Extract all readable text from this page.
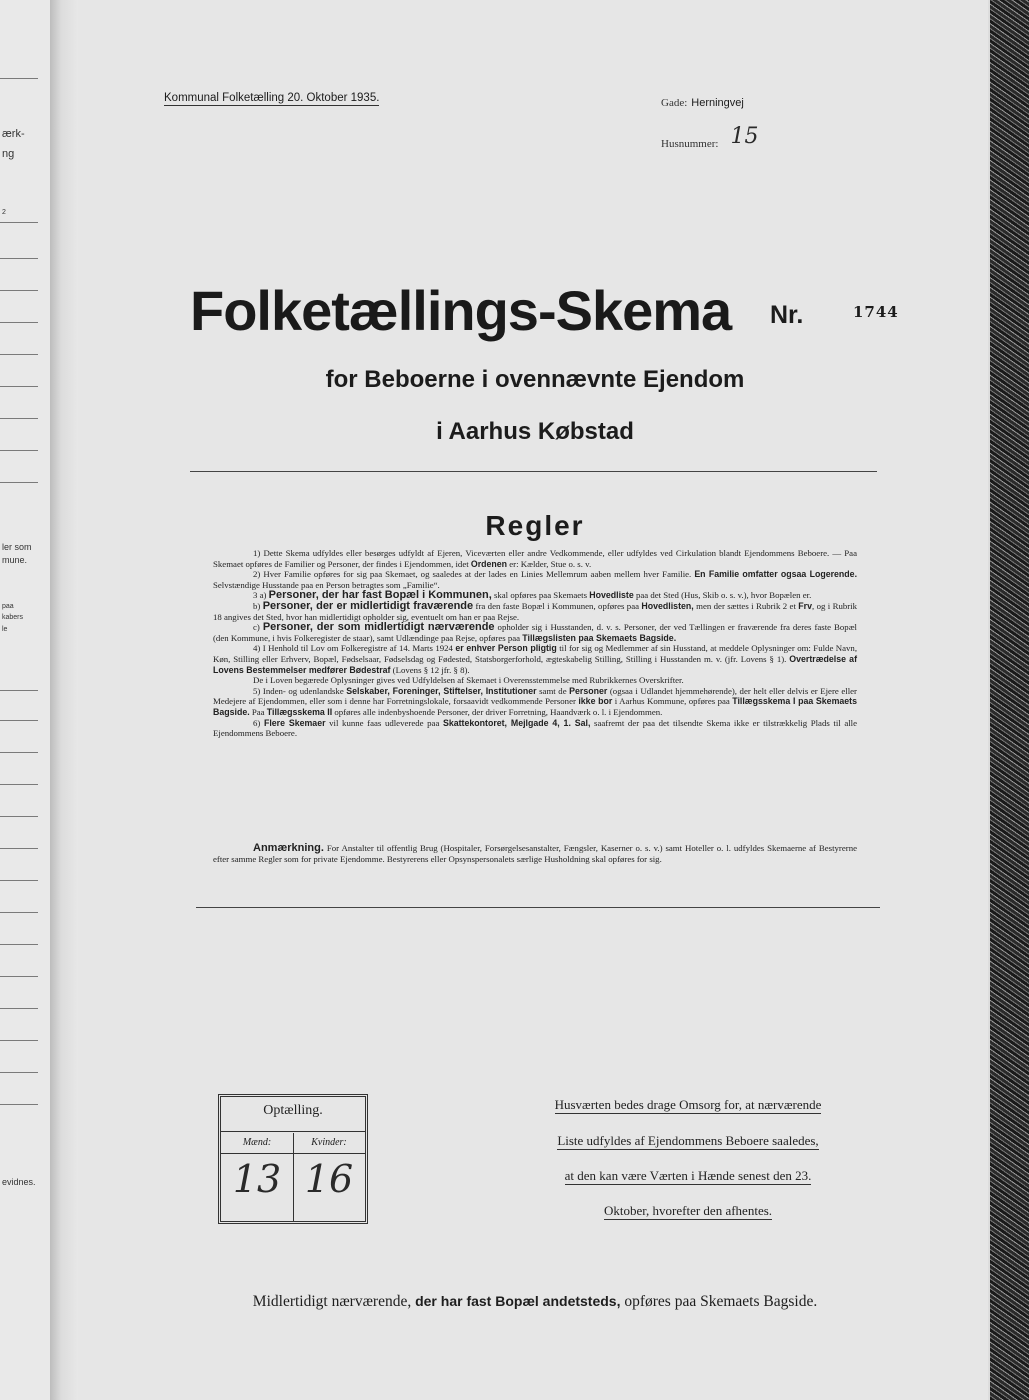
ærk-
ng
2
ler som
mune.
paa
kabers
le
evidnes.
Kommunal Folketælling 20. Oktober 1935.	Gade: Herningvej
Husnummer: 15
Folketællings-Skema Nr.	1744
for Beboerne i ovennævnte Ejendom
i Aarhus Købstad
Regler

1) Dette Skema udfyldes eller besørges udfyldt af Ejeren, Viceværten eller andre Vedkommende, eller udfyldes ved Cirkulation blandt Ejendommens Beboere. — Paa Skemaet opføres de Familier og Personer, der findes i Ejendommen, idet Ordenen er: Kælder, Stue o. s. v.

2) Hver Familie opføres for sig paa Skemaet, og saaledes at der lades en Linies Mellemrum aaben mellem hver Familie. En Familie omfatter ogsaa Logerende. Selvstændige Husstande paa en Person betragtes som „Familie“.

3 a) Personer, der har fast Bopæl i Kommunen, skal opføres paa Skemaets Hovedliste paa det Sted (Hus, Skib o. s. v.), hvor Bopælen er.

b) Personer, der er midlertidigt fraværende fra den faste Bopæl i Kommunen, opføres paa Hovedlisten, men der sættes i Rubrik 2 et Frv, og i Rubrik 18 angives det Sted, hvor han midlertidigt opholder sig, eventuelt om han er paa Rejse.

c) Personer, der som midlertidigt nærværende opholder sig i Husstanden, d. v. s. Personer, der ved Tællingen er fraværende fra deres faste Bopæl (den Kommune, i hvis Folkeregister de staar), samt Udlændinge paa Rejse, opføres paa Tillægslisten paa Skemaets Bagside.

4) I Henhold til Lov om Folkeregistre af 14. Marts 1924 er enhver Person pligtig til for sig og Medlemmer af sin Husstand, at meddele Oplysninger om: Fulde Navn, Køn, Stilling eller Erhverv, Bopæl, Fødselsaar, Fødselsdag og Fødested, Statsborgerforhold, ægteskabelig Stilling, Stilling i Husstanden m. v. (jfr. Lovens § 1). Overtrædelse af Lovens Bestemmelser medfører Bødestraf (Lovens § 12 jfr. § 8).

De i Loven begærede Oplysninger gives ved Udfyldelsen af Skemaet i Overensstemmelse med Rubrikkernes Overskrifter.

5) Inden- og udenlandske Selskaber, Foreninger, Stiftelser, Institutioner samt de Personer (ogsaa i Udlandet hjemmehørende), der helt eller delvis er Ejere eller Medejere af Ejendommen, eller som i denne har Forretningslokale, forsaavidt vedkommende Personer ikke bor i Aarhus Kommune, opføres paa Tillægsskema I paa Skemaets Bagside. Paa Tillægsskema II opføres alle indenbyshoende Personer, der driver Forretning, Haandværk o. l. i Ejendommen.

6) Flere Skemaer vil kunne faas udleverede paa Skattekontoret, Mejlgade 4, 1. Sal, saafremt der paa det tilsendte Skema ikke er tilstrækkelig Plads til alle Ejendommens Beboere.

Anmærkning. For Anstalter til offentlig Brug (Hospitaler, Forsørgelsesanstalter, Fængsler, Kaserner o. s. v.) samt Hoteller o. l. udfyldes Skemaerne af Bestyrerne efter samme Regler som for private Ejendomme. Bestyrerens eller Opsynspersonalets særlige Husholdning skal opføres for sig.

Optælling.
Mænd:	Kvinder:
13 16
Husværten bedes drage Omsorg for, at nærværende
Liste udfyldes af Ejendommens Beboere saaledes,
at den kan være Værten i Hænde senest den 23.
Oktober, hvorefter den afhentes.
Midlertidigt nærværende, der har fast Bopæl andetsteds, opføres paa Skemaets Bagside.
